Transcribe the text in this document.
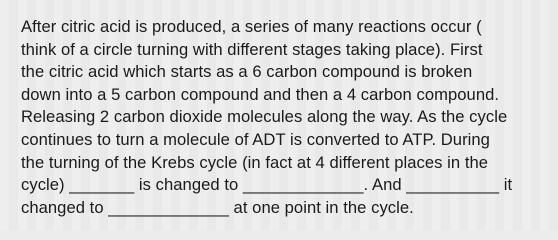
After citric acid is produced, a series of many reactions occur (
think of a circle turning with different stages taking place). First
the citric acid which starts as a 6 carbon compound is broken
down into a 5 carbon compound and then a 4 carbon compound.
Releasing 2 carbon dioxide molecules along the way. As the cycle
continues to turn a molecule of ADT is converted to ATP. During
the turning of the Krebs cycle (in fact at 4 different places in the
cycle) _______ is changed to _____________. And __________ it
changed to _____________ at one point in the cycle.
